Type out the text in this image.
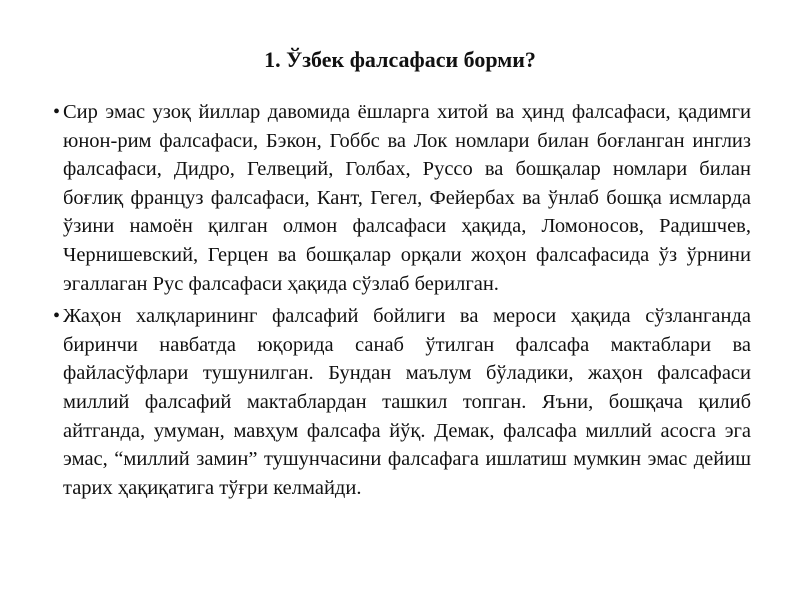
1. Ўзбек фалсафаси борми?

• Сир эмас узоқ йиллар давомида ёшларга хитой ва ҳинд фалсафаси, қадимги юнон-рим фалсафаси, Бэкон, Гоббс ва Лок номлари билан боғланган инглиз фалсафаси, Дидро, Гелвеций, Голбах, Руссо ва бошқалар номлари билан боғлиқ француз фалсафаси, Кант, Гегел, Фейербах ва ўнлаб бошқа исмларда ўзини намоён қилган олмон фалсафаси ҳақида, Ломоносов, Радишчев, Чернишевский, Герцен ва бошқалар орқали жоҳон фалсафасида ўз ўрнини эгаллаган Рус фалсафаси ҳақида сўзлаб берилган.

• Жаҳон халқларининг фалсафий бойлиги ва мероси ҳақида сўзланганда биринчи навбатда юқорида санаб ўтилган фалсафа мактаблари ва файласўфлари тушунилган. Бундан маълум бўладики, жаҳон фалсафаси миллий фалсафий мактаблардан ташкил топган. Яъни, бошқача қилиб айтганда, умуман, мавҳум фалсафа йўқ. Демак, фалсафа миллий асосга эга эмас, “миллий замин” тушунчасини фалсафага ишлатиш мумкин эмас дейиш тарих ҳақиқатига тўғри келмайди.
